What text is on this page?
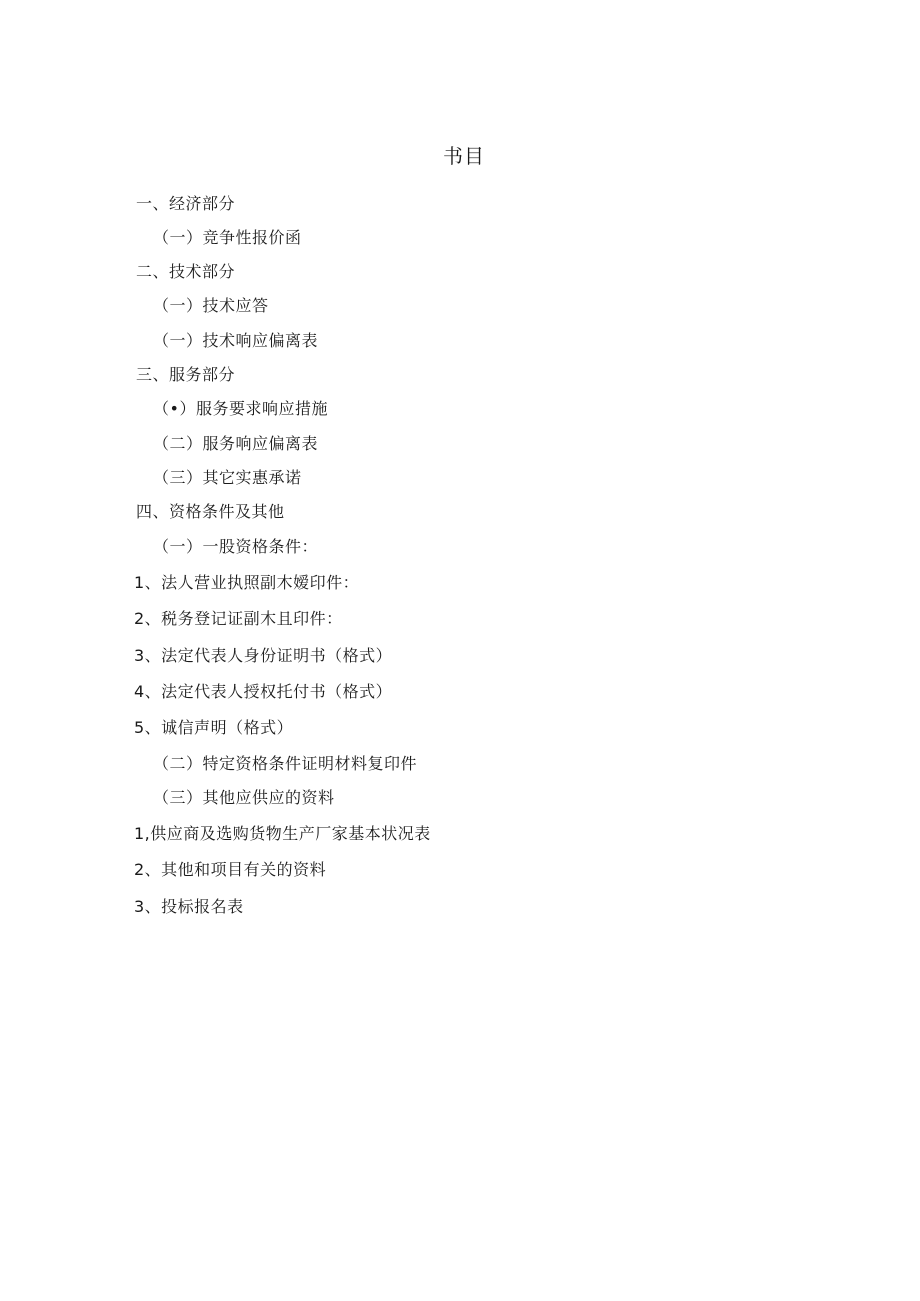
书目
一、经济部分
（一）竞争性报价函
二、技术部分
（一）技术应答
（一）技术响应偏离表
三、服务部分
（•）服务要求响应措施
（二）服务响应偏离表
（三）其它实惠承诺
四、资格条件及其他
（一）一股资格条件：
1、法人营业执照副木嫒印件：
2、税务登记证副木且印件：
3、法定代表人身份证明书（格式）
4、法定代表人授权托付书（格式）
5、诚信声明（格式）
（二）特定资格条件证明材料复印件
（三）其他应供应的资料
1,供应商及选购货物生产厂家基本状况表
2、其他和项目有关的资料
3、投标报名表
